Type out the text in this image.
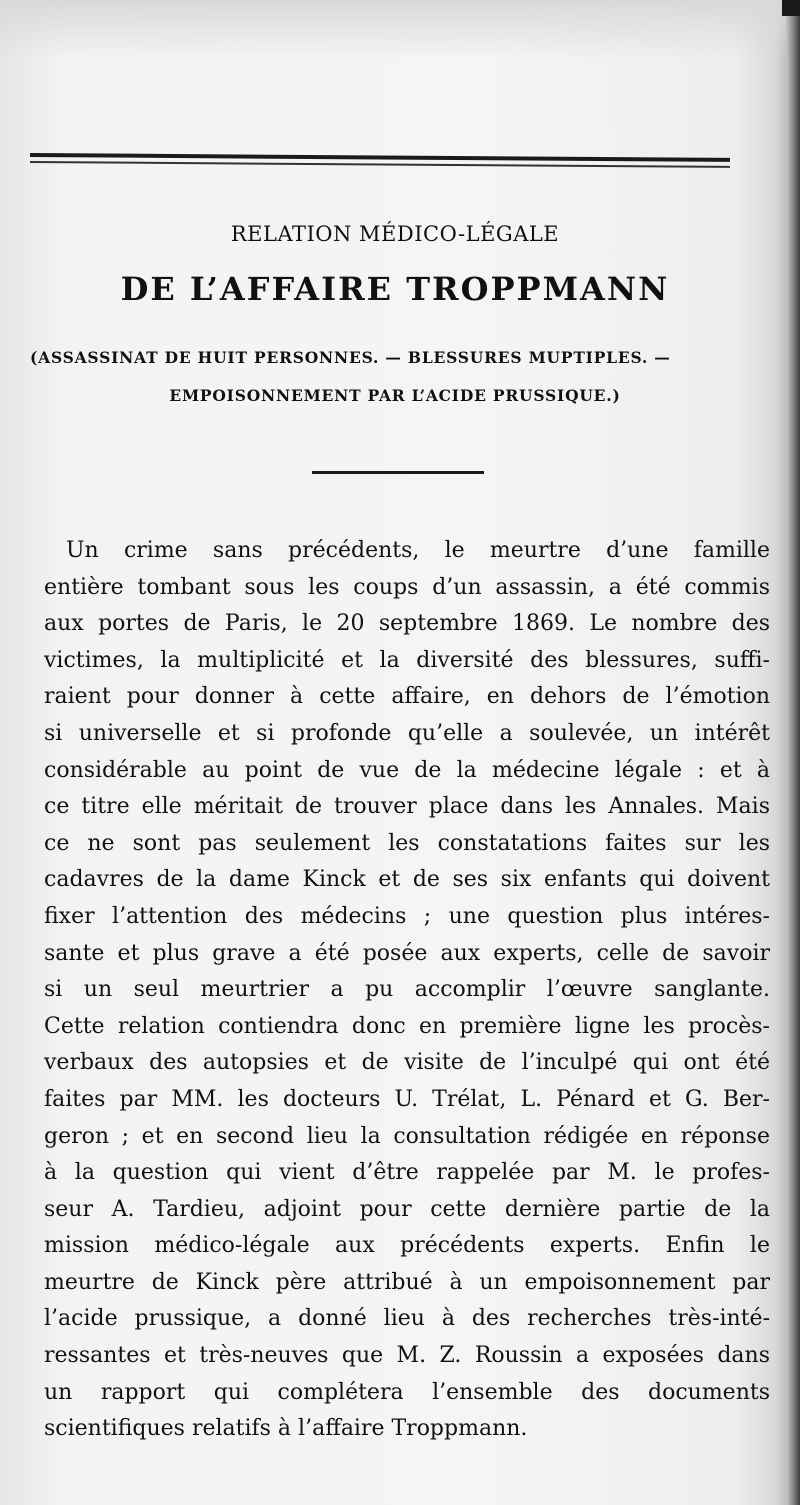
RELATION MÉDICO-LÉGALE
DE L’AFFAIRE TROPPMANN
(ASSASSINAT DE HUIT PERSONNES. — BLESSURES MUPTIPLES. —
EMPOISONNEMENT PAR L’ACIDE PRUSSIQUE.)
Un crime sans précédents, le meurtre d’une famille
entière tombant sous les coups d’un assassin, a été commis
aux portes de Paris, le 20 septembre 1869. Le nombre des
victimes, la multiplicité et la diversité des blessures, suffi-
raient pour donner à cette affaire, en dehors de l’émotion
si universelle et si profonde qu’elle a soulevée, un intérêt
considérable au point de vue de la médecine légale : et à
ce titre elle méritait de trouver place dans les Annales. Mais
ce ne sont pas seulement les constatations faites sur les
cadavres de la dame Kinck et de ses six enfants qui doivent
fixer l’attention des médecins ; une question plus intéres-
sante et plus grave a été posée aux experts, celle de savoir
si un seul meurtrier a pu accomplir l’œuvre sanglante.
Cette relation contiendra donc en première ligne les procès-
verbaux des autopsies et de visite de l’inculpé qui ont été
faites par MM. les docteurs U. Trélat, L. Pénard et G. Ber-
geron ; et en second lieu la consultation rédigée en réponse
à la question qui vient d’être rappelée par M. le profes-
seur A. Tardieu, adjoint pour cette dernière partie de la
mission médico-légale aux précédents experts. Enfin le
meurtre de Kinck père attribué à un empoisonnement par
l’acide prussique, a donné lieu à des recherches très-inté-
ressantes et très-neuves que M. Z. Roussin a exposées dans
un rapport qui complétera l’ensemble des documents
scientifiques relatifs à l’affaire Troppmann.
